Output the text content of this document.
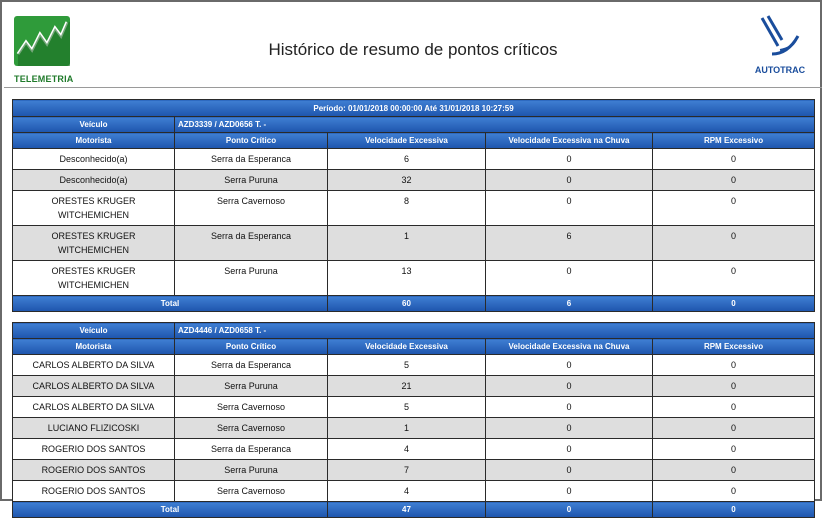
TELEMETRIA
Histórico de resumo de pontos críticos
AUTOTRAC
Período: 01/01/2018 00:00:00 Até 31/01/2018 10:27:59				
Veículo	AZD3339 / AZD0656 T. -			
Motorista	Ponto Crítico	Velocidade Excessiva	Velocidade Excessiva na Chuva	RPM Excessivo
Desconhecido(a)	Serra da Esperanca	6	0	0
Desconhecido(a)	Serra Puruna	32	0	0
ORESTES KRUGER WITCHEMICHEN	Serra Cavernoso	8	0	0
ORESTES KRUGER WITCHEMICHEN	Serra da Esperanca	1	6	0
ORESTES KRUGER WITCHEMICHEN	Serra Puruna	13	0	0
Total		60	6	0

Veículo	AZD4446 / AZD0658 T. -			
Motorista	Ponto Crítico	Velocidade Excessiva	Velocidade Excessiva na Chuva	RPM Excessivo
CARLOS ALBERTO DA SILVA	Serra da Esperanca	5	0	0
CARLOS ALBERTO DA SILVA	Serra Puruna	21	0	0
CARLOS ALBERTO DA SILVA	Serra Cavernoso	5	0	0
LUCIANO FLIZICOSKI	Serra Cavernoso	1	0	0
ROGERIO DOS SANTOS	Serra da Esperanca	4	0	0
ROGERIO DOS SANTOS	Serra Puruna	7	0	0
ROGERIO DOS SANTOS	Serra Cavernoso	4	0	0
Total		47	0	0
